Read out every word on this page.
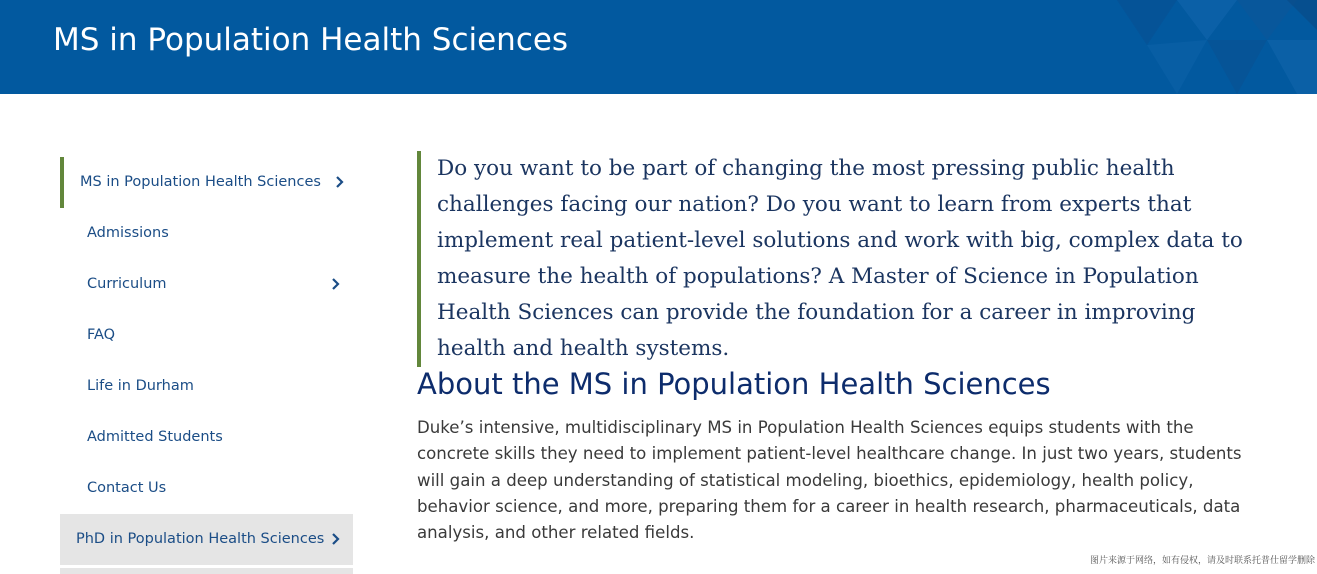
MS in Population Health Sciences
MS in Population Health Sciences
Admissions
Curriculum
FAQ
Life in Durham
Admitted Students
Contact Us
PhD in Population Health Sciences
Do you want to be part of changing the most pressing public health challenges facing our nation? Do you want to learn from experts that implement real patient-level solutions and work with big, complex data to measure the health of populations? A Master of Science in Population Health Sciences can provide the foundation for a career in improving health and health systems.
About the MS in Population Health Sciences

Duke’s intensive, multidisciplinary MS in Population Health Sciences equips students with the concrete skills they need to implement patient-level healthcare change. In just two years, students will gain a deep understanding of statistical modeling, bioethics, epidemiology, health policy, behavior science, and more, preparing them for a career in health research, pharmaceuticals, data analysis, and other related fields.

图片来源于网络，如有侵权，请及时联系托普仕留学删除
